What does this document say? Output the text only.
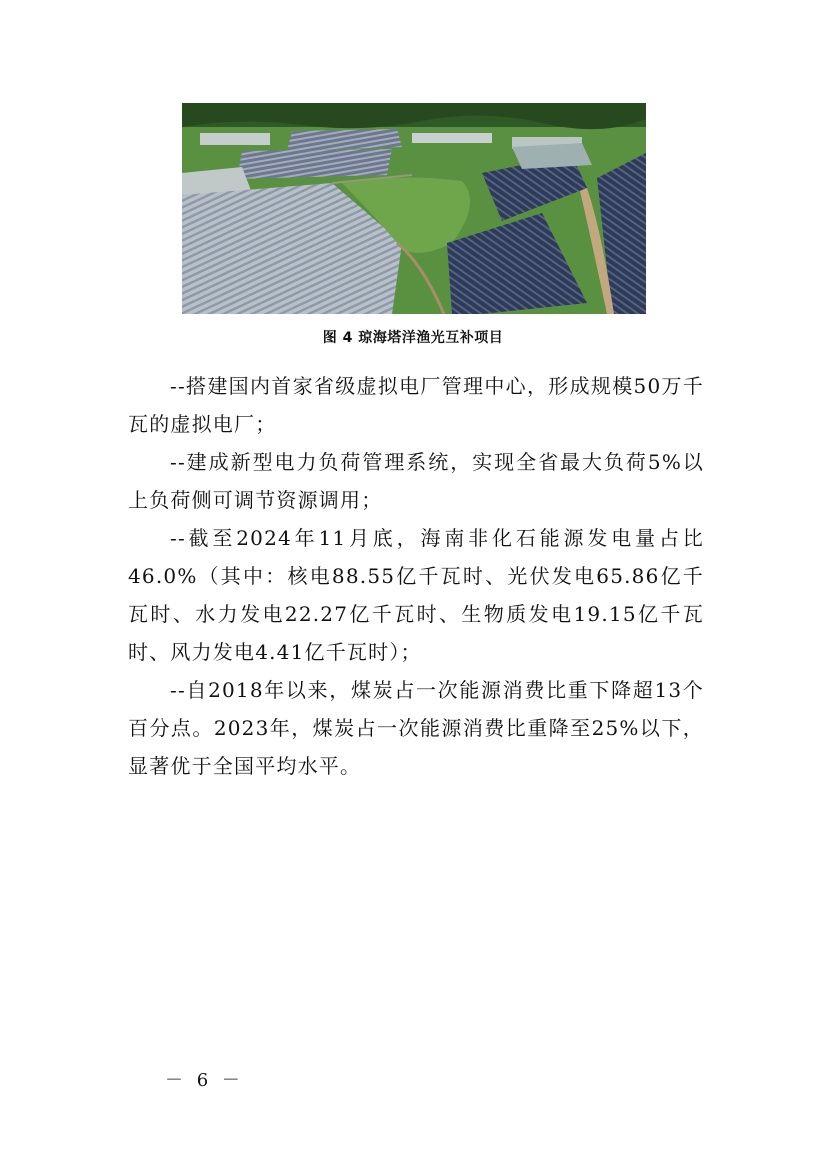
图 4 琼海塔洋渔光互补项目

--搭建国内首家省级虚拟电厂管理中心，形成规模50万千瓦的虚拟电厂；

--建成新型电力负荷管理系统，实现全省最大负荷5%以上负荷侧可调节资源调用；

--截至2024年11月底，海南非化石能源发电量占比46.0%（其中：核电88.55亿千瓦时、光伏发电65.86亿千瓦时、水力发电22.27亿千瓦时、生物质发电19.15亿千瓦时、风力发电4.41亿千瓦时）；

--自2018年以来，煤炭占一次能源消费比重下降超13个百分点。2023年，煤炭占一次能源消费比重降至25%以下，显著优于全国平均水平。

－ 6 －
